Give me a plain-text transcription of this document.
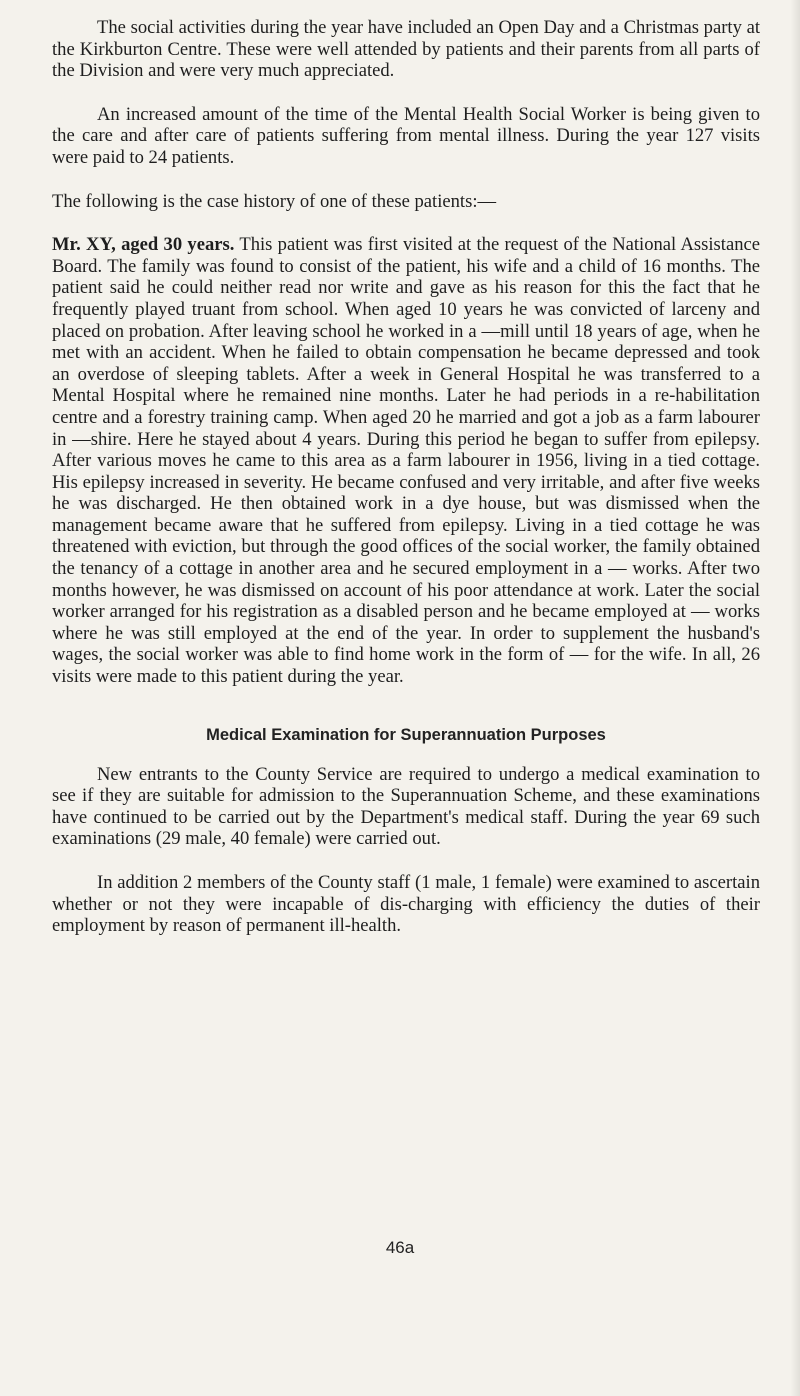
The social activities during the year have included an Open Day and a Christmas party at the Kirkburton Centre. These were well attended by patients and their parents from all parts of the Division and were very much appreciated.

An increased amount of the time of the Mental Health Social Worker is being given to the care and after care of patients suffering from mental illness. During the year 127 visits were paid to 24 patients.

The following is the case history of one of these patients:—

Mr. XY, aged 30 years. This patient was first visited at the request of the National Assistance Board. The family was found to consist of the patient, his wife and a child of 16 months. The patient said he could neither read nor write and gave as his reason for this the fact that he frequently played truant from school. When aged 10 years he was convicted of larceny and placed on probation. After leaving school he worked in a —mill until 18 years of age, when he met with an accident. When he failed to obtain compensation he became depressed and took an overdose of sleeping tablets. After a week in General Hospital he was transferred to a Mental Hospital where he remained nine months. Later he had periods in a re-habilitation centre and a forestry training camp. When aged 20 he married and got a job as a farm labourer in —shire. Here he stayed about 4 years. During this period he began to suffer from epilepsy. After various moves he came to this area as a farm labourer in 1956, living in a tied cottage. His epilepsy increased in severity. He became confused and very irritable, and after five weeks he was discharged. He then obtained work in a dye house, but was dismissed when the management became aware that he suffered from epilepsy. Living in a tied cottage he was threatened with eviction, but through the good offices of the social worker, the family obtained the tenancy of a cottage in another area and he secured employment in a — works. After two months however, he was dismissed on account of his poor attendance at work. Later the social worker arranged for his registration as a disabled person and he became employed at — works where he was still employed at the end of the year. In order to supplement the husband's wages, the social worker was able to find home work in the form of — for the wife. In all, 26 visits were made to this patient during the year.

Medical Examination for Superannuation Purposes

New entrants to the County Service are required to undergo a medical examination to see if they are suitable for admission to the Superannuation Scheme, and these examinations have continued to be carried out by the Department's medical staff. During the year 69 such examinations (29 male, 40 female) were carried out.

In addition 2 members of the County staff (1 male, 1 female) were examined to ascertain whether or not they were incapable of dis-charging with efficiency the duties of their employment by reason of permanent ill-health.

46a
